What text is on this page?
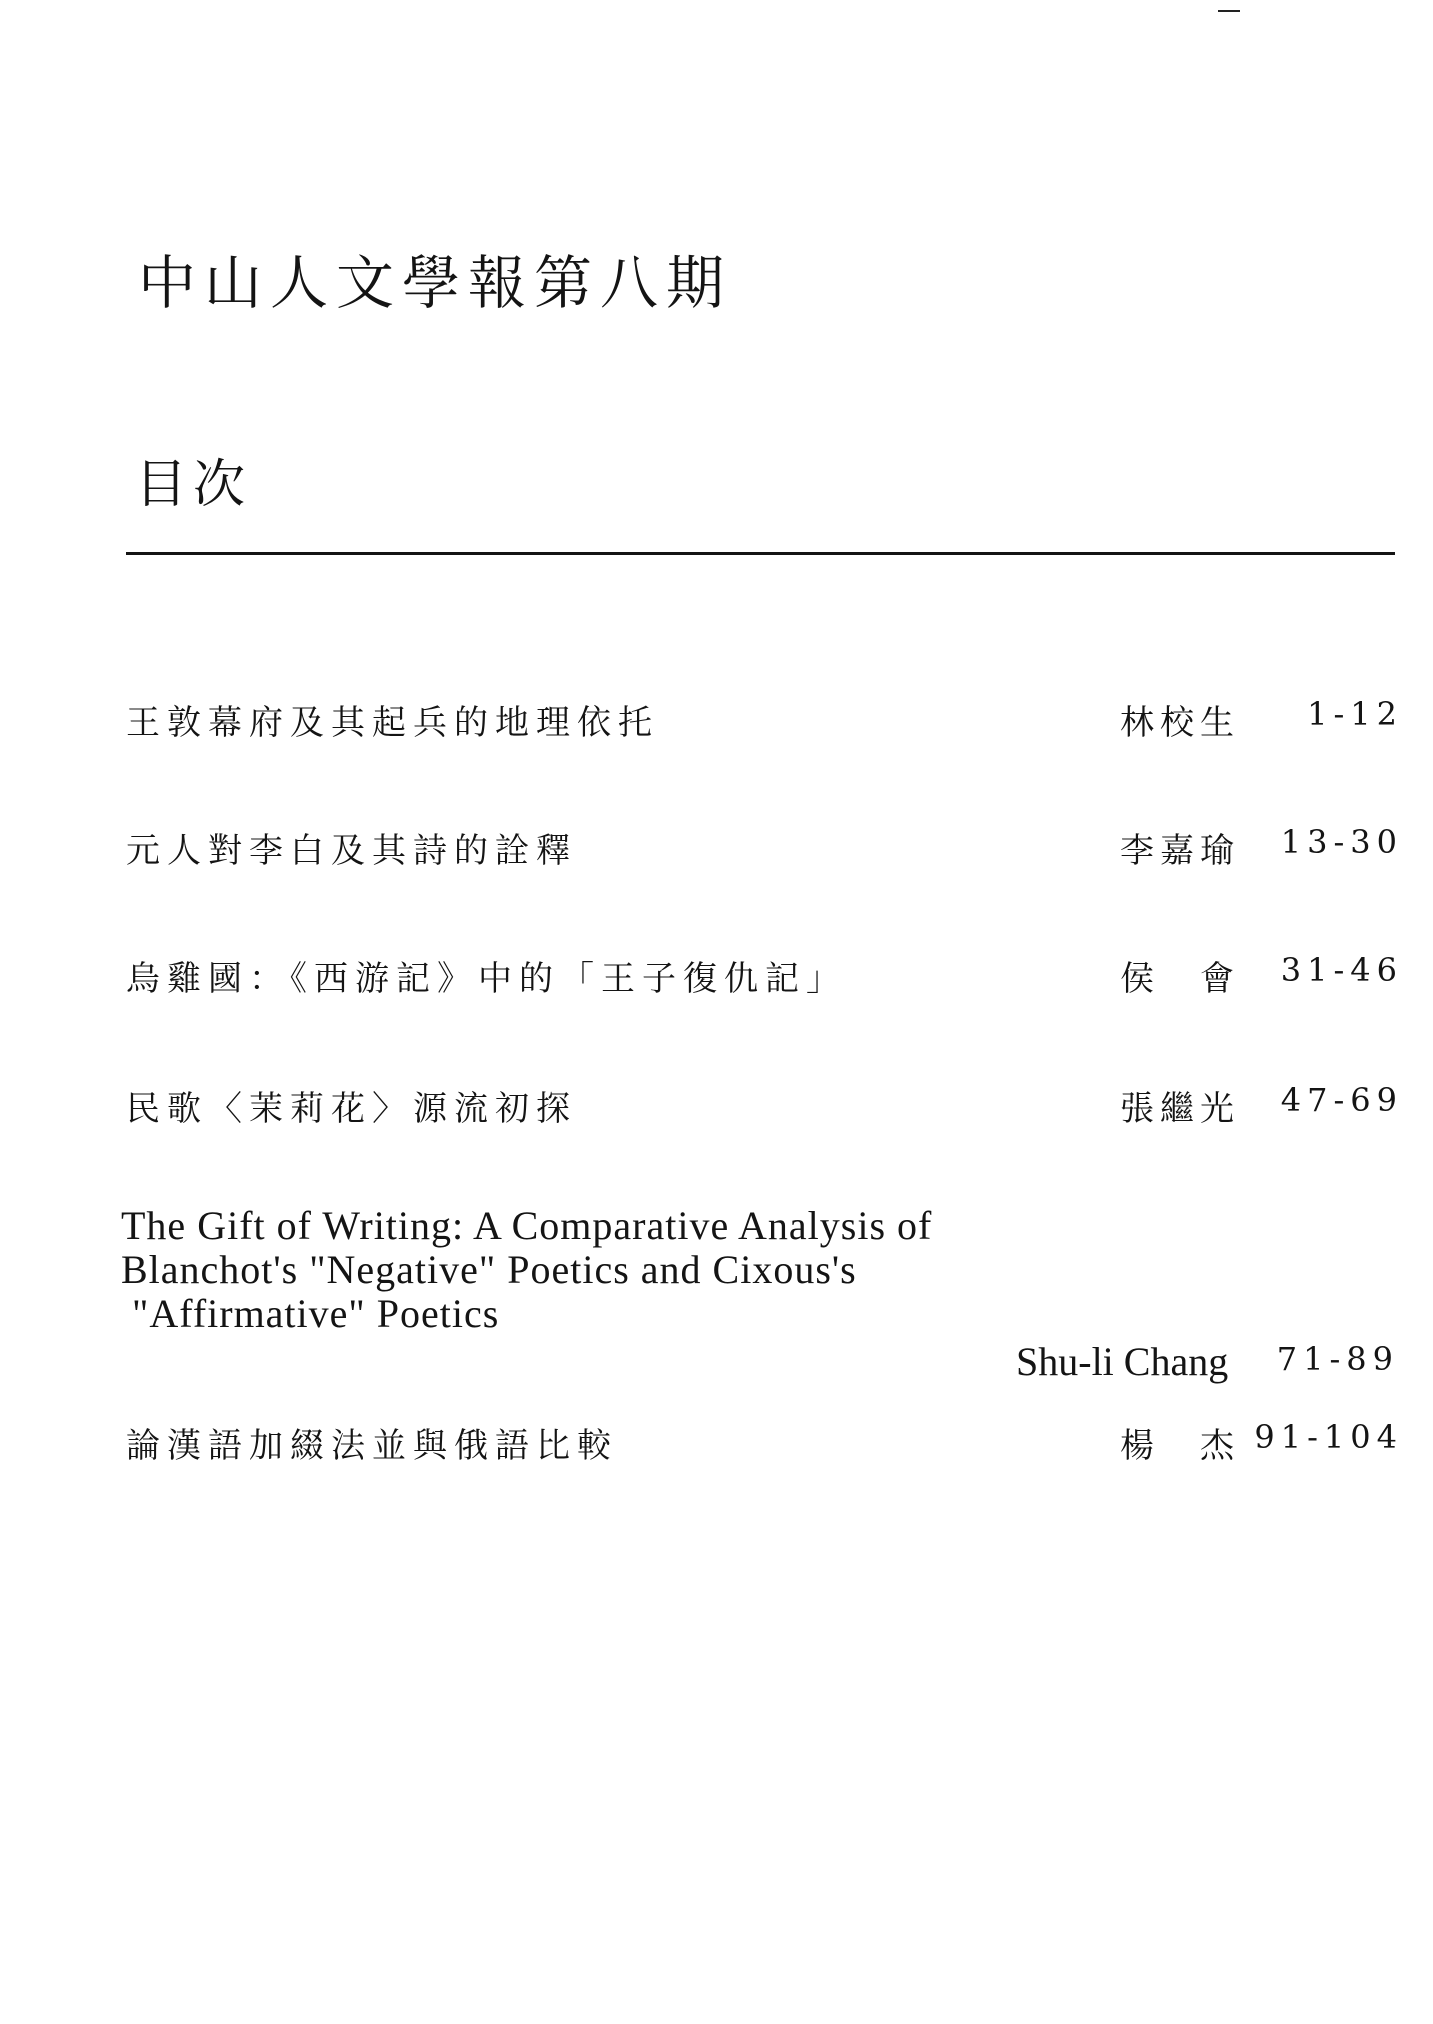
中山人文學報第八期
目次
王敦幕府及其起兵的地理依托	林校生 1-12
元人對李白及其詩的詮釋	李嘉瑜 13-30
烏雞國：《西游記》中的「王子復仇記」	侯　會 31-46
民歌〈茉莉花〉源流初探	張繼光 47-69
The Gift of Writing: A Comparative Analysis of
Blanchot's "Negative" Poetics and Cixous's
"Affirmative" Poetics
Shu-li Chang 71-89
論漢語加綴法並與俄語比較	楊　杰 91-104
